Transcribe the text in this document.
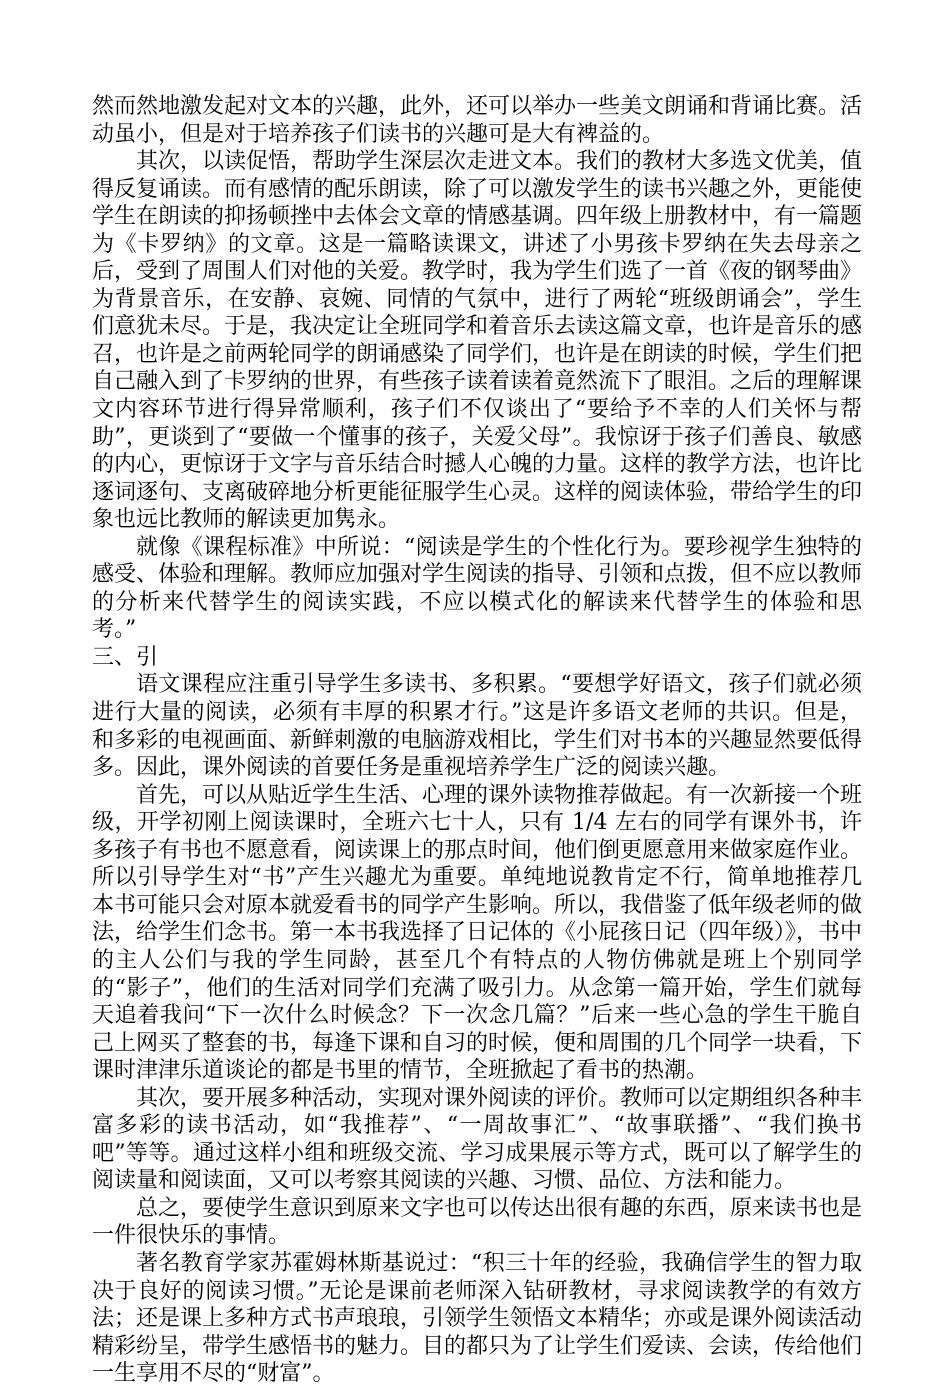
然而然地激发起对文本的兴趣，此外，还可以举办一些美文朗诵和背诵比赛。活动虽小，但是对于培养孩子们读书的兴趣可是大有裨益的。

其次，以读促悟，帮助学生深层次走进文本。我们的教材大多选文优美，值得反复诵读。而有感情的配乐朗读，除了可以激发学生的读书兴趣之外，更能使学生在朗读的抑扬顿挫中去体会文章的情感基调。四年级上册教材中，有一篇题为《卡罗纳》的文章。这是一篇略读课文，讲述了小男孩卡罗纳在失去母亲之后，受到了周围人们对他的关爱。教学时，我为学生们选了一首《夜的钢琴曲》为背景音乐，在安静、哀婉、同情的气氛中，进行了两轮“班级朗诵会”，学生们意犹未尽。于是，我决定让全班同学和着音乐去读这篇文章，也许是音乐的感召，也许是之前两轮同学的朗诵感染了同学们，也许是在朗读的时候，学生们把自己融入到了卡罗纳的世界，有些孩子读着读着竟然流下了眼泪。之后的理解课文内容环节进行得异常顺利，孩子们不仅谈出了“要给予不幸的人们关怀与帮助”，更谈到了“要做一个懂事的孩子，关爱父母”。我惊讶于孩子们善良、敏感的内心，更惊讶于文字与音乐结合时撼人心魄的力量。这样的教学方法，也许比逐词逐句、支离破碎地分析更能征服学生心灵。这样的阅读体验，带给学生的印象也远比教师的解读更加隽永。

就像《课程标准》中所说：“阅读是学生的个性化行为。要珍视学生独特的感受、体验和理解。教师应加强对学生阅读的指导、引领和点拨，但不应以教师的分析来代替学生的阅读实践，不应以模式化的解读来代替学生的体验和思考。”

三、引

语文课程应注重引导学生多读书、多积累。“要想学好语文，孩子们就必须进行大量的阅读，必须有丰厚的积累才行。”这是许多语文老师的共识。但是，和多彩的电视画面、新鲜刺激的电脑游戏相比，学生们对书本的兴趣显然要低得多。因此，课外阅读的首要任务是重视培养学生广泛的阅读兴趣。

首先，可以从贴近学生生活、心理的课外读物推荐做起。有一次新接一个班级，开学初刚上阅读课时，全班六七十人，只有 1/4 左右的同学有课外书，许多孩子有书也不愿意看，阅读课上的那点时间，他们倒更愿意用来做家庭作业。所以引导学生对“书”产生兴趣尤为重要。单纯地说教肯定不行，简单地推荐几本书可能只会对原本就爱看书的同学产生影响。所以，我借鉴了低年级老师的做法，给学生们念书。第一本书我选择了日记体的《小屁孩日记（四年级）》，书中的主人公们与我的学生同龄，甚至几个有特点的人物仿佛就是班上个别同学的“影子”，他们的生活对同学们充满了吸引力。从念第一篇开始，学生们就每天追着我问“下一次什么时候念？下一次念几篇？”后来一些心急的学生干脆自己上网买了整套的书，每逢下课和自习的时候，便和周围的几个同学一块看，下课时津津乐道谈论的都是书里的情节，全班掀起了看书的热潮。

其次，要开展多种活动，实现对课外阅读的评价。教师可以定期组织各种丰富多彩的读书活动，如“我推荐”、“一周故事汇”、“故事联播”、“我们换书吧”等等。通过这样小组和班级交流、学习成果展示等方式，既可以了解学生的阅读量和阅读面，又可以考察其阅读的兴趣、习惯、品位、方法和能力。

总之，要使学生意识到原来文字也可以传达出很有趣的东西，原来读书也是一件很快乐的事情。

著名教育学家苏霍姆林斯基说过：“积三十年的经验，我确信学生的智力取决于良好的阅读习惯。”无论是课前老师深入钻研教材，寻求阅读教学的有效方法；还是课上多种方式书声琅琅，引领学生领悟文本精华；亦或是课外阅读活动精彩纷呈，带学生感悟书的魅力。目的都只为了让学生们爱读、会读，传给他们一生享用不尽的“财富”。
